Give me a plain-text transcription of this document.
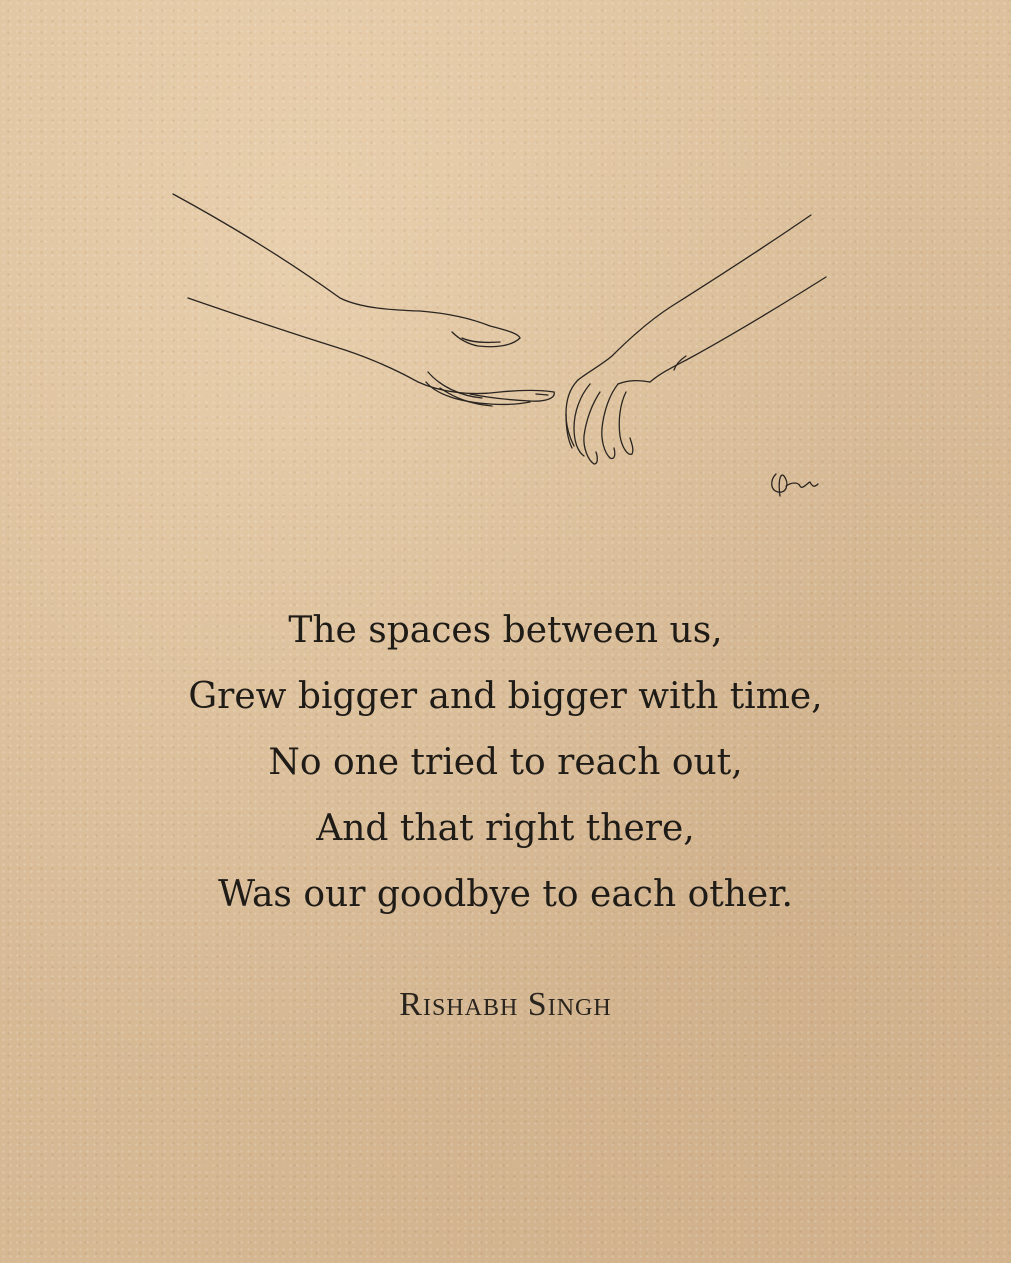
The spaces between us,
Grew bigger and bigger with time,
No one tried to reach out,
And that right there,
Was our goodbye to each other.
Rishabh Singh
